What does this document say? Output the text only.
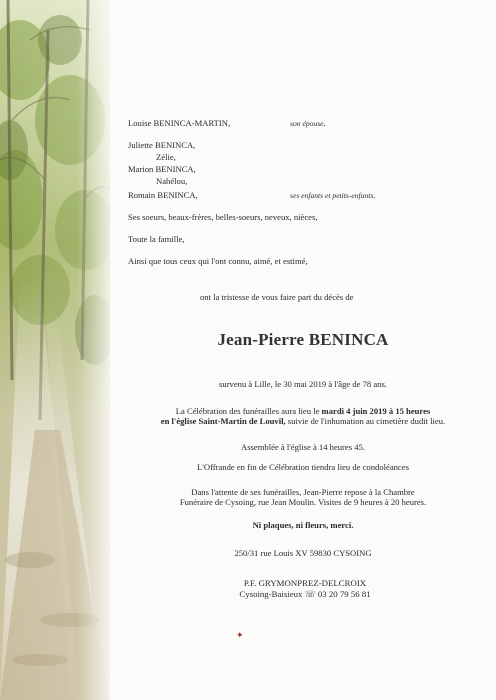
Louise BENINCA-MARTIN,	son épouse,
Juliette BENINCA,
Zélie,
Marion BENINCA,
Nahélou,
Romain BENINCA,	ses enfants et petits-enfants,
Ses soeurs, beaux-frères, belles-soeurs, neveux, nièces,
Toute la famille,
Ainsi que tous ceux qui l'ont connu, aimé, et estimé,
ont la tristesse de vous faire part du décès de
Jean-Pierre BENINCA
survenu à Lille, le 30 mai 2019 à l'âge de 78 ans.
La Célébration des funérailles aura lieu le mardi 4 juin 2019 à 15 heures
en l'église Saint-Martin de Louvil, suivie de l'inhumation au cimetière dudit lieu.
Assemblée à l'église à 14 heures 45.
L'Offrande en fin de Célébration tiendra lieu de condoléances
Dans l'attente de ses funérailles, Jean-Pierre repose à la Chambre
Funéraire de Cysoing, rue Jean Moulin. Visites de 9 heures à 20 heures.
Ni plaques, ni fleurs, merci.
250/31 rue Louis XV 59830 CYSOING
P.F. GRYMONPREZ-DELCROIX
Cysoing-Baisieux ☏ 03 20 79 56 81
✦
